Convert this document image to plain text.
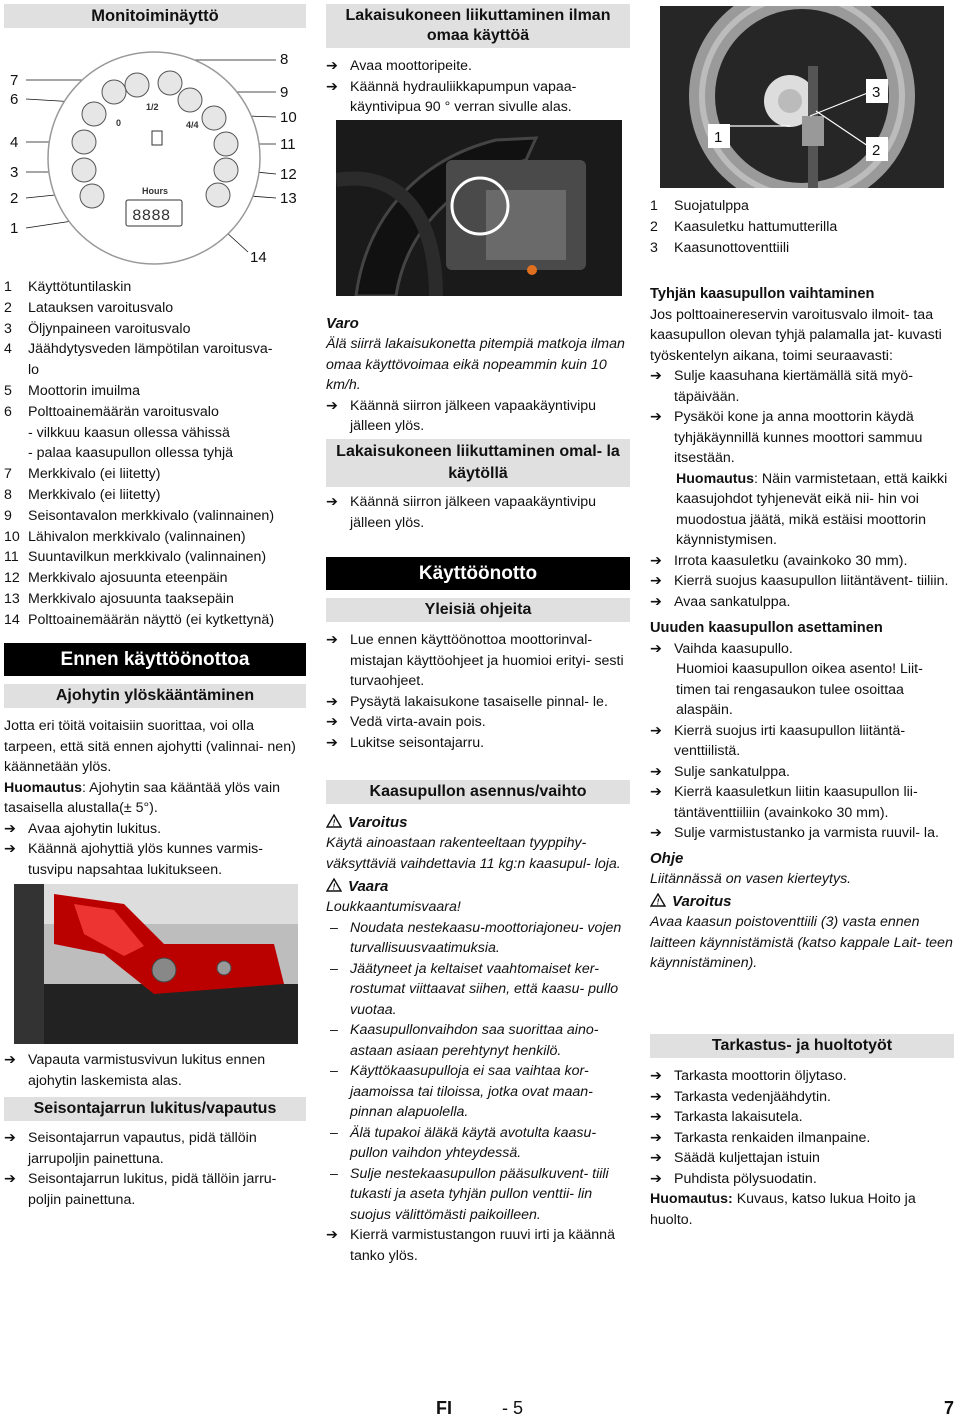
Monitoiminäyttö
7
6
4
3
2
1
8
9
10
11
12
13
14
0
1/2
4/4
Hours
8888
1 Käyttötuntilaskin
2 Latauksen varoitusvalo
3 Öljynpaineen varoitusvalo
4 Jäähdytysveden lämpötilan varoitusva-
lo
5 Moottorin imuilma
6 Polttoainemäärän varoitusvalo
- vilkkuu kaasun ollessa vähissä
- palaa kaasupullon ollessa tyhjä
7 Merkkivalo (ei liitetty)
8 Merkkivalo (ei liitetty)
9 Seisontavalon merkkivalo (valinnainen)
10 Lähivalon merkkivalo (valinnainen)
11 Suuntavilkun merkkivalo (valinnainen)
12 Merkkivalo ajosuunta eteenpäin
13 Merkkivalo ajosuunta taaksepäin
14 Polttoainemäärän näyttö (ei kytkettynä)
Ennen käyttöönottoa
Ajohytin ylöskääntäminen

Jotta eri töitä voitaisiin suorittaa, voi olla tarpeen, että sitä ennen ajohytti (valinnai- nen) käännetään ylös.

Huomautus: Ajohytin saa kääntää ylös vain tasaisella alustalla(± 5°).

➔ Avaa ajohytin lukitus.
➔ Käännä ajohyttiä ylös kunnes varmis- tusvipu napsahtaa lukitukseen.
➔ Vapauta varmistusvivun lukitus ennen ajohytin laskemista alas.
Seisontajarrun lukitus/vapautus
➔ Seisontajarrun vapautus, pidä tällöin jarrupoljin painettuna.
➔ Seisontajarrun lukitus, pidä tällöin jarru- poljin painettuna.
Lakaisukoneen liikuttaminen ilman omaa käyttöä
➔ Avaa moottoripeite.
➔ Käännä hydrauliikkapumpun vapaa- käyntivipua 90 ° verran sivulle alas.
Varo

Älä siirrä lakaisukonetta pitempiä matkoja ilman omaa käyttövoimaa eikä nopeammin kuin 10 km/h.

➔ Käännä siirron jälkeen vapaakäyntivipu jälleen ylös.
Lakaisukoneen liikuttaminen omal- la käytöllä
➔ Käännä siirron jälkeen vapaakäyntivipu jälleen ylös.
Käyttöönotto
Yleisiä ohjeita
➔ Lue ennen käyttöönottoa moottorinval- mistajan käyttöohjeet ja huomioi erityi- sesti turvaohjeet.
➔ Pysäytä lakaisukone tasaiselle pinnal- le.
➔ Vedä virta-avain pois.
➔ Lukitse seisontajarru.
Kaasupullon asennus/vaihto
! Varoitus

Käytä ainoastaan rakenteeltaan tyyppihy- väksyttäviä vaihdettavia 11 kg:n kaasupul- loja.

! Vaara

Loukkaantumisvaara!

– Noudata nestekaasu-moottoriajoneu- vojen turvallisuusvaatimuksia.
– Jäätyneet ja keltaiset vaahtomaiset ker- rostumat viittaavat siihen, että kaasu- pullo vuotaa.
– Kaasupullonvaihdon saa suorittaa aino- astaan asiaan perehtynyt henkilö.
– Käyttökaasupulloja ei saa vaihtaa kor- jaamoissa tai tiloissa, jotka ovat maan- pinnan alapuolella.
– Älä tupakoi äläkä käytä avotulta kaasu- pullon vaihdon yhteydessä.
– Sulje nestekaasupullon pääsulkuvent- tiili tukasti ja aseta tyhjän pullon venttii- lin suojus välittömästi paikoilleen.
➔ Kierrä varmistustangon ruuvi irti ja käännä tanko ylös.
1
2
3
1 Suojatulppa
2 Kaasuletku hattumutterilla
3 Kaasunottoventtiili
Tyhjän kaasupullon vaihtaminen

Jos polttoainereservin varoitusvalo ilmoit- taa kaasupullon olevan tyhjä palamalla jat- kuvasti työskentelyn aikana, toimi seuraavasti:

➔ Sulje kaasuhana kiertämällä sitä myö- täpäivään.
➔ Pysäköi kone ja anna moottorin käydä tyhjäkäynnillä kunnes moottori sammuu itsestään.

Huomautus: Näin varmistetaan, että kaikki kaasujohdot tyhjenevät eikä nii- hin voi muodostua jäätä, mikä estäisi moottorin käynnistymisen.

➔ Irrota kaasuletku (avainkoko 30 mm).
➔ Kierrä suojus kaasupullon liitäntävent- tiiliin.
➔ Avaa sankatulppa.
Uuuden kaasupullon asettaminen
➔ Vaihda kaasupullo.

Huomioi kaasupullon oikea asento! Liit- timen tai rengasaukon tulee osoittaa alaspäin.

➔ Kierrä suojus irti kaasupullon liitäntä- venttiilistä.
➔ Sulje sankatulppa.
➔ Kierrä kaasuletkun liitin kaasupullon lii- täntäventtiiliin (avainkoko 30 mm).
➔ Sulje varmistustanko ja varmista ruuvil- la.
Ohje

Liitännässä on vasen kierteytys.

! Varoitus

Avaa kaasun poistoventtiili (3) vasta ennen laitteen käynnistämistä (katso kappale Lait- teen käynnistäminen).

Tarkastus- ja huoltotyöt
➔ Tarkasta moottorin öljytaso.
➔ Tarkasta vedenjäähdytin.
➔ Tarkasta lakaisutela.
➔ Tarkasta renkaiden ilmanpaine.
➔ Säädä kuljettajan istuin
➔ Puhdista pölysuodatin.

Huomautus: Kuvaus, katso lukua Hoito ja huolto.

FI	- 5	7
